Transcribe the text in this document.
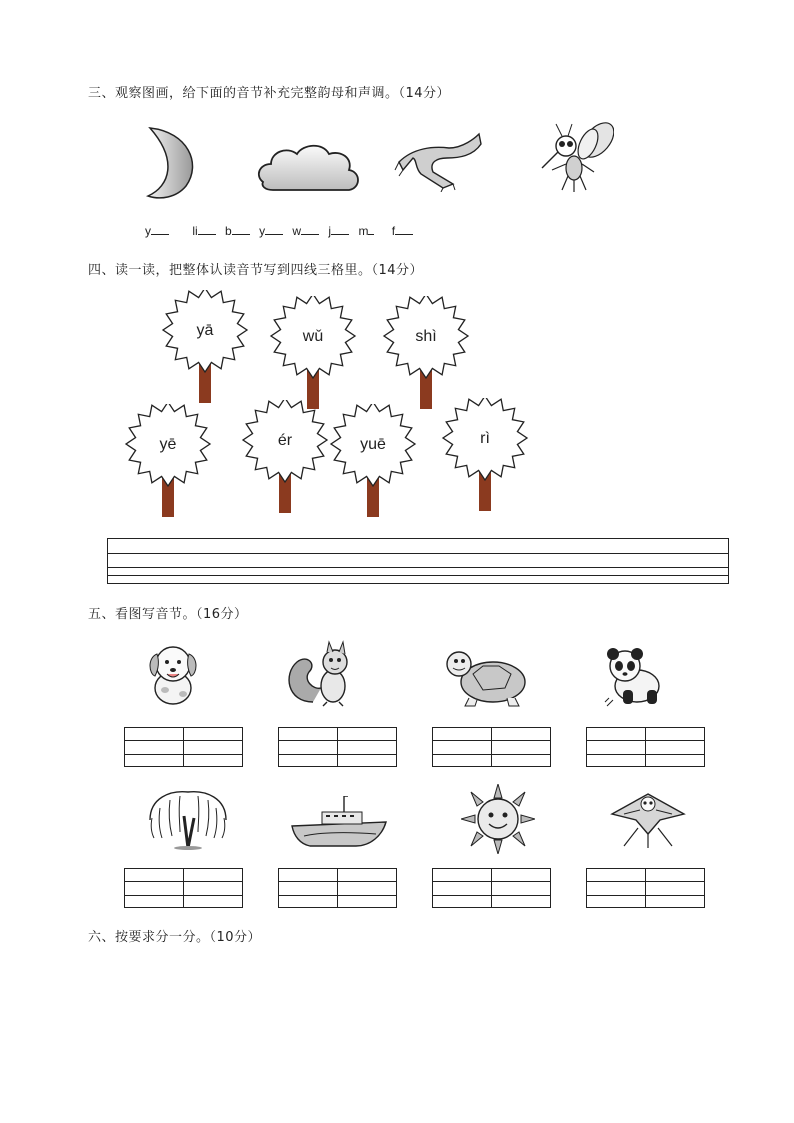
三、观察图画，给下面的音节补充完整韵母和声调。（14分）
y	li b y w j m f
四、读一读，把整体认读音节写到四线三格里。（14分）
yā	wǔ	shì
yē	ér	yuē	rì
五、看图写音节。（16分）
六、按要求分一分。（10分）
